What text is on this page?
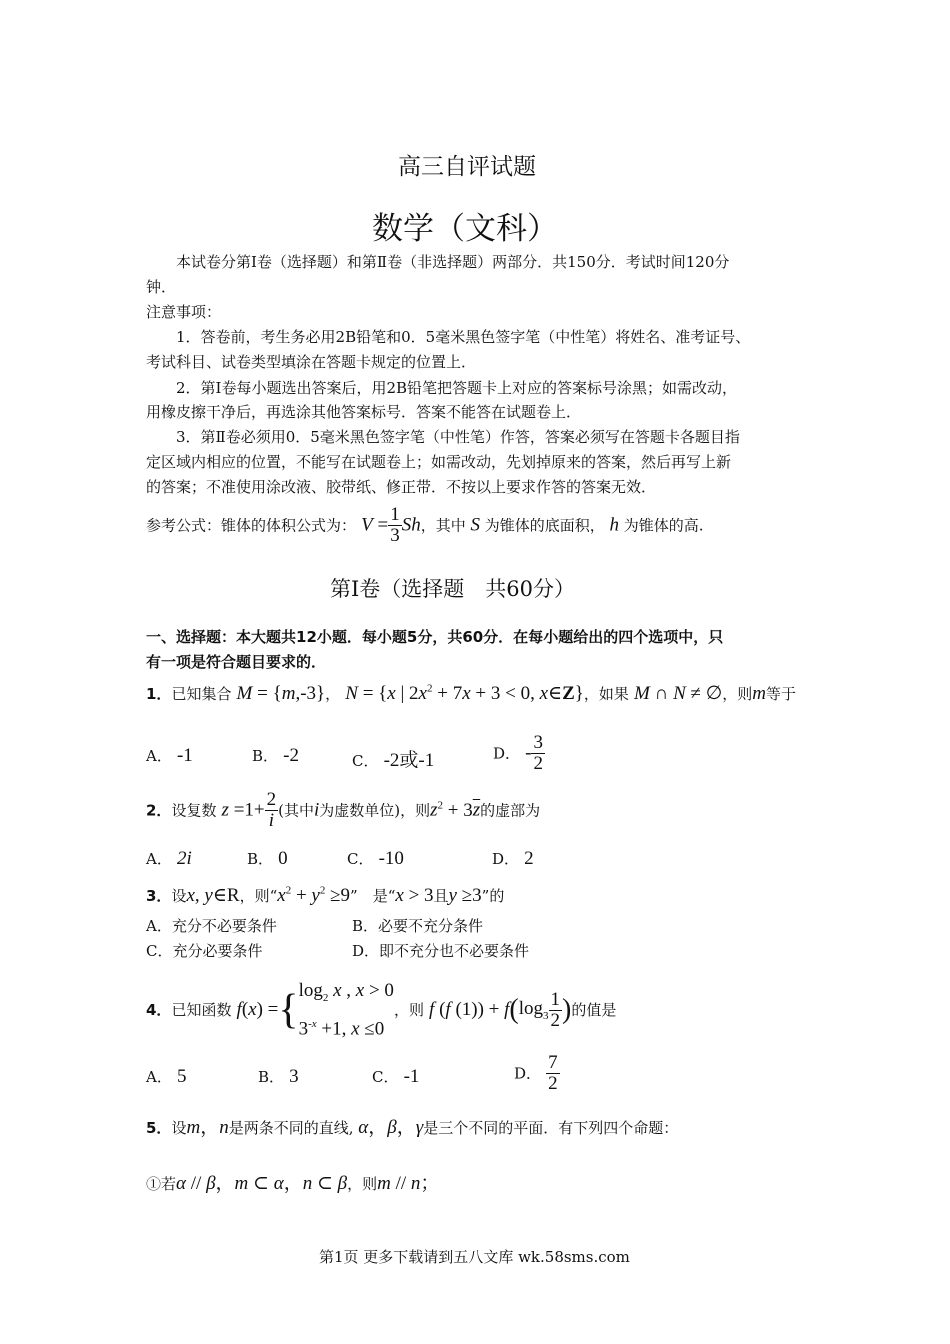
高三自评试题
数学（文科）
本试卷分第Ⅰ卷（选择题）和第Ⅱ卷（非选择题）两部分．共150分．考试时间120分
钟．
注意事项：
1．答卷前，考生务必用2B铅笔和0．5毫米黑色签字笔（中性笔）将姓名、准考证号、
考试科目、试卷类型填涂在答题卡规定的位置上．
2．第Ⅰ卷每小题选出答案后，用2B铅笔把答题卡上对应的答案标号涂黑；如需改动，
用橡皮擦干净后，再选涂其他答案标号．答案不能答在试题卷上．
3．第Ⅱ卷必须用0．5毫米黑色签字笔（中性笔）作答，答案必须写在答题卡各题目指
定区域内相应的位置，不能写在试题卷上；如需改动，先划掉原来的答案，然后再写上新
的答案；不准使用涂改液、胶带纸、修正带．不按以上要求作答的答案无效．
参考公式：锥体的体积公式为： $V = \frac{1}{3}$ Sh，其中 S 为锥体的底面积， h 为锥体的高.
第Ⅰ卷（选择题　共60分）
一、选择题：本大题共12小题．每小题5分，共60分．在每小题给出的四个选项中，只
有一项是符合题目要求的．
1．已知集合 M = {m,-3}， N = {x | $2x^2 + 7x + 3 < 0$, x∈Z}，如果 M ∩ N ≠ ∅，则m等于
A． -1	B． -2	C． -2或-1	D． - $\frac{3}{2}$
2．设复数 $z =1+ \frac{2}{i}$ (其中i为虚数单位)，则$z^2 + 3\overline{z}$的虚部为
A． 2i	B． 0	C． -10	D． 2
3．设x, y∈R，则“$x^2 + y^2 \ge 9$”　是“x > 3且y ≥3”的
A．充分不必要条件	B．必要不充分条件
C．充分必要条件	D．即不充分也不必要条件
4．已知函数 f(x) ={ $\log_2 x$ , x > 0
$3^{-x} +1$, x ≤0
，则 f (f $(1)) + f(\log_3 \frac{1}{2}$ )的值是
A． 5	B． 3	C． -1	D． $\frac{7}{2}$
5．设m，n是两条不同的直线, α，β，γ是三个不同的平面．有下列四个命题：
①若α // β，m ⊂ α，n ⊂ β，则m // n；
第1页 更多下载请到五八文库 wk.58sms.com
